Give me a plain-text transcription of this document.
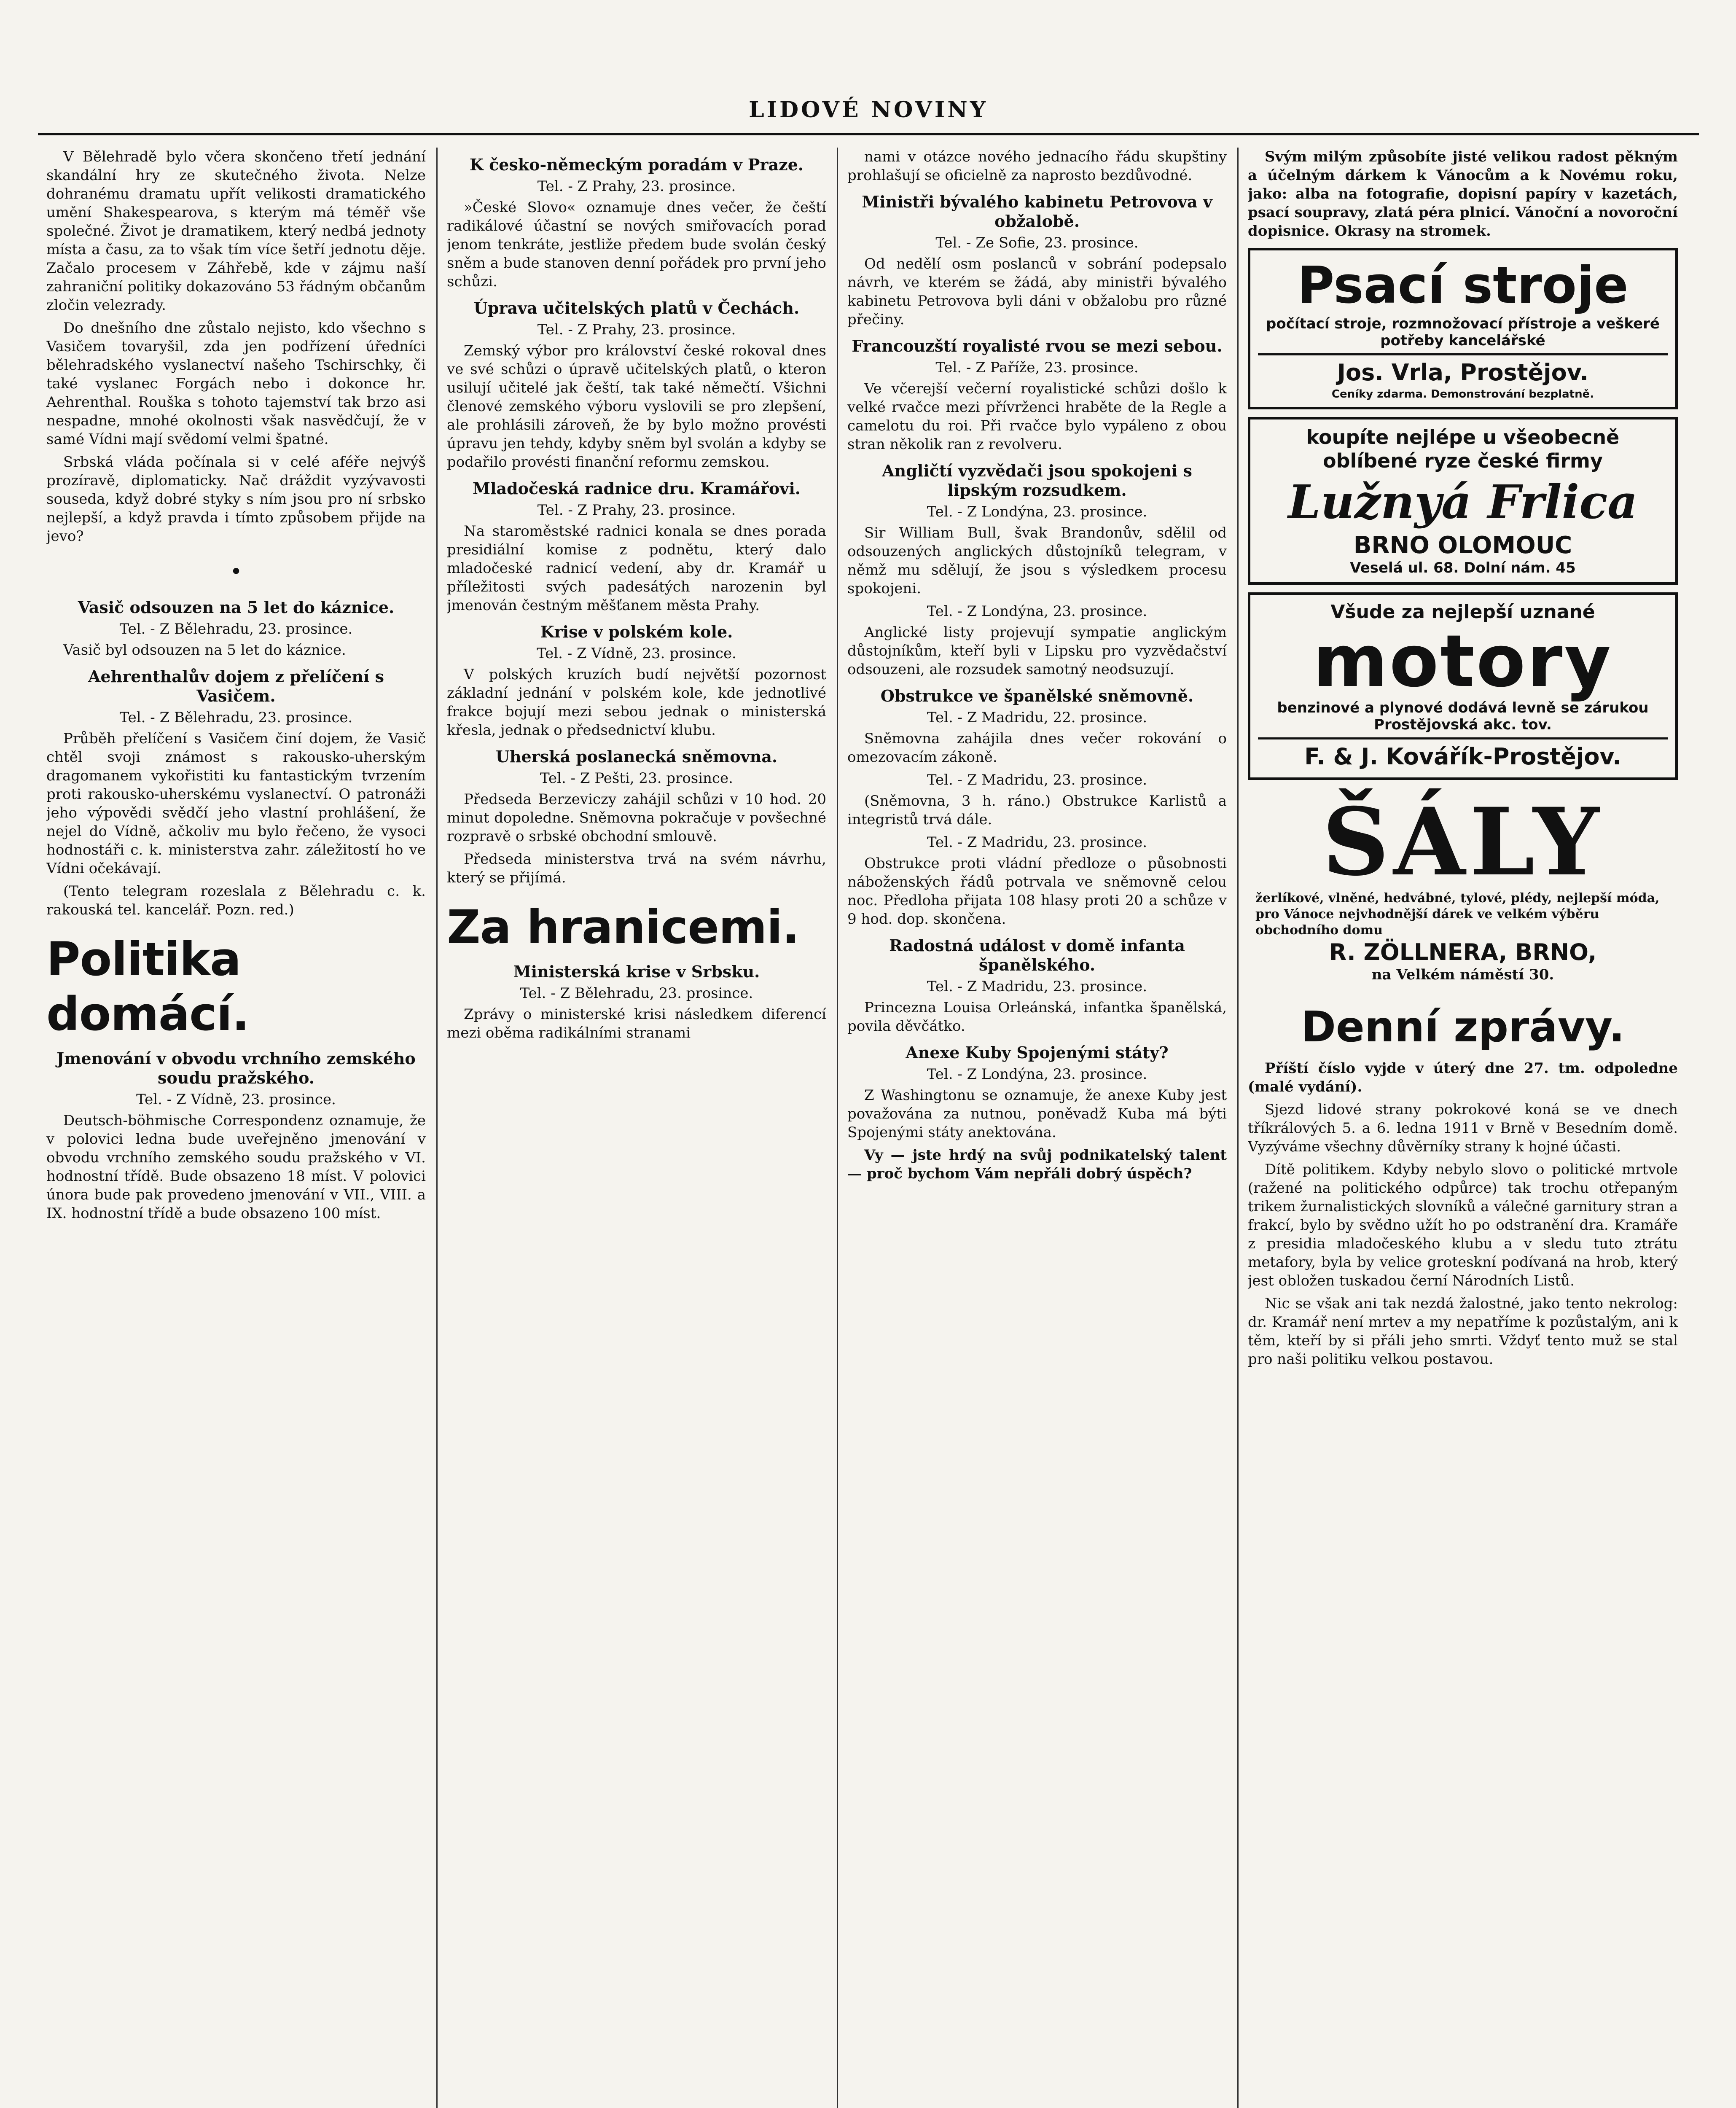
LIDOVÉ NOVINY

V Bělehradě bylo včera skončeno třetí jednání skandální hry ze skutečného života. Nelze dohranému dramatu upřít velikosti dramatického umění Shakespearova, s kterým má téměř vše společné. Život je dramatikem, který nedbá jednoty místa a času, za to však tím více šetří jednotu děje. Začalo procesem v Záhřebě, kde v zájmu naší zahraniční politiky dokazováno 53 řádným občanům zločin velezrady.

Do dnešního dne zůstalo nejisto, kdo všechno s Vasičem tovaryšil, zda jen podřízení úředníci bělehradského vyslanectví našeho Tschirschky, či také vyslanec Forgách nebo i dokonce hr. Aehrenthal. Rouška s tohoto tajemství tak brzo asi nespadne, mnohé okolnosti však nasvědčují, že v samé Vídni mají svědomí velmi špatné.

Srbská vláda počínala si v celé aféře nejvýš prozíravě, diplomaticky. Nač dráždit vyzývavosti souseda, když dobré styky s ním jsou pro ní srbsko nejlepší, a když pravda i tímto způsobem přijde na jevo?

•
Vasič odsouzen na 5 let do káznice.
Tel. - Z Bělehradu, 23. prosince.

Vasič byl odsouzen na 5 let do káznice.

Aehrenthalův dojem z přelíčení s Vasičem.
Tel. - Z Bělehradu, 23. prosince.

Průběh přelíčení s Vasičem činí dojem, že Vasič chtěl svoji známost s rakousko-uherským dragomanem vykořistiti ku fantastickým tvrzením proti rakousko-uherskému vyslanectví. O patronáži jeho výpovědi svědčí jeho vlastní prohlášení, že nejel do Vídně, ačkoliv mu bylo řečeno, že vysoci hodnostáři c. k. ministerstva zahr. záležitostí ho ve Vídni očekávají.

(Tento telegram rozeslala z Bělehradu c. k. rakouská tel. kancelář. Pozn. red.)

Politika domácí.
Jmenování v obvodu vrchního zemského soudu pražského.
Tel. - Z Vídně, 23. prosince.

Deutsch-böhmische Correspondenz oznamuje, že v polovici ledna bude uveřejněno jmenování v obvodu vrchního zemského soudu pražského v VI. hodnostní třídě. Bude obsazeno 18 míst. V polovici února bude pak provedeno jmenování v VII., VIII. a IX. hodnostní třídě a bude obsazeno 100 míst.

K česko-německým poradám v Praze.
Tel. - Z Prahy, 23. prosince.

»České Slovo« oznamuje dnes večer, že čeští radikálové účastní se nových smiřovacích porad jenom tenkráte, jestliže předem bude svolán český sněm a bude stanoven denní pořádek pro první jeho schůzi.

Úprava učitelských platů v Čechách.
Tel. - Z Prahy, 23. prosince.

Zemský výbor pro království české rokoval dnes ve své schůzi o úpravě učitelských platů, o kteron usilují učitelé jak čeští, tak také němečtí. Všichni členové zemského výboru vyslovili se pro zlepšení, ale prohlásili zároveň, že by bylo možno provésti úpravu jen tehdy, kdyby sněm byl svolán a kdyby se podařilo provésti finanční reformu zemskou.

Mladočeská radnice dru. Kramářovi.
Tel. - Z Prahy, 23. prosince.

Na staroměstské radnici konala se dnes porada presidiální komise z podnětu, který dalo mladočeské radnicí vedení, aby dr. Kramář u příležitosti svých padesátých narozenin byl jmenován čestným měšťanem města Prahy.

Krise v polském kole.
Tel. - Z Vídně, 23. prosince.

V polských kruzích budí největší pozornost základní jednání v polském kole, kde jednotlivé frakce bojují mezi sebou jednak o ministerská křesla, jednak o předsednictví klubu.

Uherská poslanecká sněmovna.
Tel. - Z Pešti, 23. prosince.

Předseda Berzeviczy zahájil schůzi v 10 hod. 20 minut dopoledne. Sněmovna pokračuje v povšechné rozpravě o srbské obchodní smlouvě.

Předseda ministerstva trvá na svém návrhu, který se přijímá.

Za hranicemi.
Ministerská krise v Srbsku.
Tel. - Z Bělehradu, 23. prosince.

Zprávy o ministerské krisi následkem diferencí mezi oběma radikálními stranami

nami v otázce nového jednacího řádu skupštiny prohlašují se oficielně za naprosto bezdůvodné.

Ministři bývalého kabinetu Petrovova v obžalobě.
Tel. - Ze Sofie, 23. prosince.

Od nedělí osm poslanců v sobrání podepsalo návrh, ve kterém se žádá, aby ministři bývalého kabinetu Petrovova byli dáni v obžalobu pro různé přečiny.

Francouzští royalisté rvou se mezi sebou.
Tel. - Z Paříže, 23. prosince.

Ve včerejší večerní royalistické schůzi došlo k velké rvačce mezi přívrženci hraběte de la Regle a camelotu du roi. Při rvačce bylo vypáleno z obou stran několik ran z revolveru.

Angličtí vyzvědači jsou spokojeni s lipským rozsudkem.
Tel. - Z Londýna, 23. prosince.

Sir William Bull, švak Brandonův, sdělil od odsouzených anglických důstojníků telegram, v němž mu sdělují, že jsou s výsledkem procesu spokojeni.

Tel. - Z Londýna, 23. prosince.

Anglické listy projevují sympatie anglickým důstojníkům, kteří byli v Lipsku pro vyzvědačství odsouzeni, ale rozsudek samotný neodsuzují.

Obstrukce ve španělské sněmovně.
Tel. - Z Madridu, 22. prosince.

Sněmovna zahájila dnes večer rokování o omezovacím zákoně.

Tel. - Z Madridu, 23. prosince.

(Sněmovna, 3 h. ráno.) Obstrukce Karlistů a integristů trvá dále.

Tel. - Z Madridu, 23. prosince.

Obstrukce proti vládní předloze o působnosti náboženských řádů potrvala ve sněmovně celou noc. Předloha přijata 108 hlasy proti 20 a schůze v 9 hod. dop. skončena.

Radostná událost v domě infanta španělského.
Tel. - Z Madridu, 23. prosince.

Princezna Louisa Orleánská, infantka španělská, povila děvčátko.

Anexe Kuby Spojenými státy?
Tel. - Z Londýna, 23. prosince.

Z Washingtonu se oznamuje, že anexe Kuby jest považována za nutnou, poněvadž Kuba má býti Spojenými státy anektována.

Vy — jste hrdý na svůj podnikatelský talent — proč bychom Vám nepřáli dobrý úspěch?

Svým milým způsobíte jisté velikou radost pěkným a účelným dárkem k Vánocům a k Novému roku, jako: alba na fotografie, dopisní papíry v kazetách, psací soupravy, zlatá péra plnicí. Vánoční a novoroční dopisnice. Okrasy na stromek.

Psací stroje
počítací stroje, rozmnožovací přístroje a veškeré potřeby kancelářské
Jos. Vrla, Prostějov.
Ceníky zdarma. Demonstrování bezplatně.
koupíte nejlépe u všeobecně oblíbené ryze české firmy
Lužnyá Frlica
BRNO OLOMOUC
Veselá ul. 68. Dolní nám. 45
Všude za nejlepší uznané
motory
benzinové a plynové dodává levně se zárukou Prostějovská akc. tov.
F. & J. Kovářík-Prostějov.
ŠÁLY
žerlíkové, vlněné, hedvábné, tylové, plédy, nejlepší móda, pro Vánoce nejvhodnější dárek ve velkém výběru obchodního domu
R. ZÖLLNERA, BRNO,
na Velkém náměstí 30.
Denní zprávy.

Příští číslo vyjde v úterý dne 27. tm. odpoledne (malé vydání).

Sjezd lidové strany pokrokové koná se ve dnech tříkrálových 5. a 6. ledna 1911 v Brně v Besedním domě. Vyzýváme všechny důvěrníky strany k hojné účasti.

Dítě politikem. Kdyby nebylo slovo o politické mrtvole (ražené na politického odpůrce) tak trochu otřepaným trikem žurnalistických slovníků a válečné garnitury stran a frakcí, bylo by svědno užít ho po odstranění dra. Kramáře z presidia mladočeského klubu a v sledu tuto ztrátu metafory, byla by velice groteskní podívaná na hrob, který jest obložen tuskadou černí Národních Listů.

Nic se však ani tak nezdá žalostné, jako tento nekrolog: dr. Kramář není mrtev a my nepatříme k pozůstalým, ani k těm, kteří by si přáli jeho smrti. Vždyť tento muž se stal pro naši politiku velkou postavou.
